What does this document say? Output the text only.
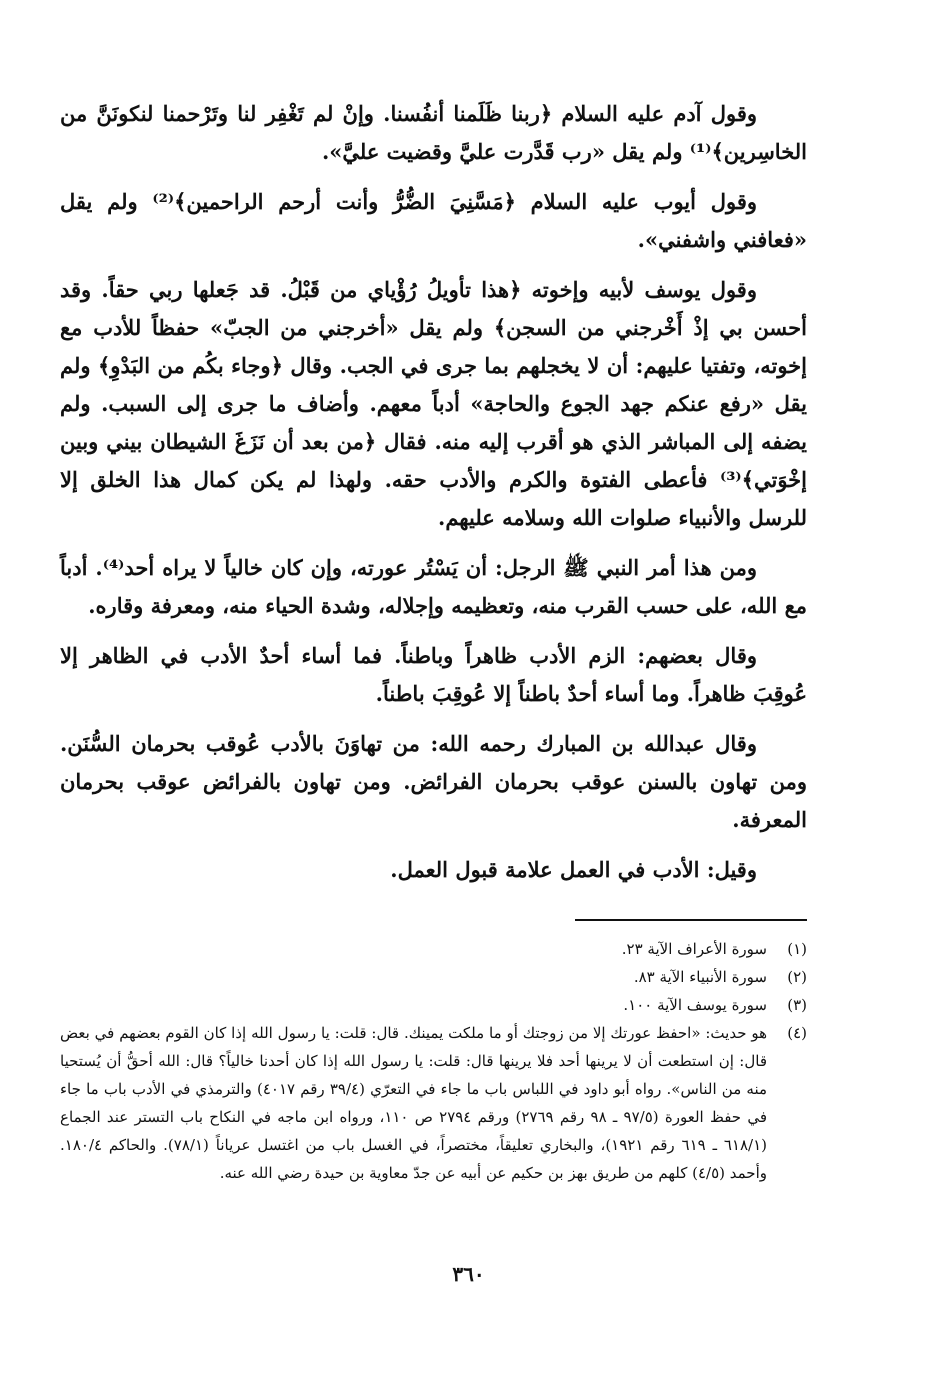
وقول آدم عليه السلام ﴿ربنا ظَلَمنا أنفُسنا. وإنْ لم تَغْفِر لنا وتَرْحمنا لنكونَنَّ من الخاسِرين﴾⁽¹⁾ ولم يقل «رب قَدَّرت عليَّ وقضيت عليَّ».

وقول أيوب عليه السلام ﴿مَسَّنِيَ الضُّرُّ وأنت أرحم الراحمين﴾⁽²⁾ ولم يقل «فعافني واشفني».

وقول يوسف لأبيه وإخوته ﴿هذا تأويلُ رُؤْياي من قَبْلُ. قد جَعلها ربي حقاً. وقد أحسن بي إذْ أَخْرجني من السجن﴾ ولم يقل «أخرجني من الجبّ» حفظاً للأدب مع إخوته، وتفتيا عليهم: أن لا يخجلهم بما جرى في الجب. وقال ﴿وجاء بكُم من البَدْوِ﴾ ولم يقل «رفع عنكم جهد الجوع والحاجة» أدباً معهم. وأضاف ما جرى إلى السبب. ولم يضفه إلى المباشر الذي هو أقرب إليه منه. فقال ﴿من بعد أن نَزَغَ الشيطان بيني وبين إخْوَتي﴾⁽³⁾ فأعطى الفتوة والكرم والأدب حقه. ولهذا لم يكن كمال هذا الخلق إلا للرسل والأنبياء صلوات الله وسلامه عليهم.

ومن هذا أمر النبي ﷺ الرجل: أن يَسْتُر عورته، وإن كان خالياً لا يراه أحد⁽⁴⁾. أدباً مع الله، على حسب القرب منه، وتعظيمه وإجلاله، وشدة الحياء منه، ومعرفة وقاره.

وقال بعضهم: الزم الأدب ظاهراً وباطناً. فما أساء أحدٌ الأدب في الظاهر إلا عُوقِبَ ظاهراً. وما أساء أحدٌ باطناً إلا عُوقِبَ باطناً.

وقال عبدالله بن المبارك رحمه الله: من تهاوَنَ بالأدب عُوقب بحرمان السُّنَن. ومن تهاون بالسنن عوقب بحرمان الفرائض. ومن تهاون بالفرائض عوقب بحرمان المعرفة.

وقيل: الأدب في العمل علامة قبول العمل.

(١)
سورة الأعراف الآية ٢٣.
(٢)
سورة الأنبياء الآية ٨٣.
(٣)
سورة يوسف الآية ١٠٠.
(٤)
هو حديث: «احفظ عورتك إلا من زوجتك أو ما ملكت يمينك. قال: قلت: يا رسول الله إذا كان القوم بعضهم في بعض قال: إن استطعت أن لا يرينها أحد فلا يرينها قال: قلت: يا رسول الله إذا كان أحدنا خالياً؟ قال: الله أحقُّ أن يُستحيا منه من الناس». رواه أبو داود في اللباس باب ما جاء في التعرّي (٣٩/٤ رقم ٤٠١٧) والترمذي في الأدب باب ما جاء في حفظ العورة (٩٧/٥ ـ ٩٨ رقم ٢٧٦٩) ورقم ٢٧٩٤ ص ١١٠، ورواه ابن ماجه في النكاح باب التستر عند الجماع (٦١٨/١ ـ ٦١٩ رقم ١٩٢١)، والبخاري تعليقاً، مختصراً، في الغسل باب من اغتسل عرياناً (٧٨/١). والحاكم ١٨٠/٤. وأحمد (٤/٥) كلهم من طريق بهز بن حكيم عن أبيه عن جدّ معاوية بن حيدة رضي الله عنه.
٣٦٠
